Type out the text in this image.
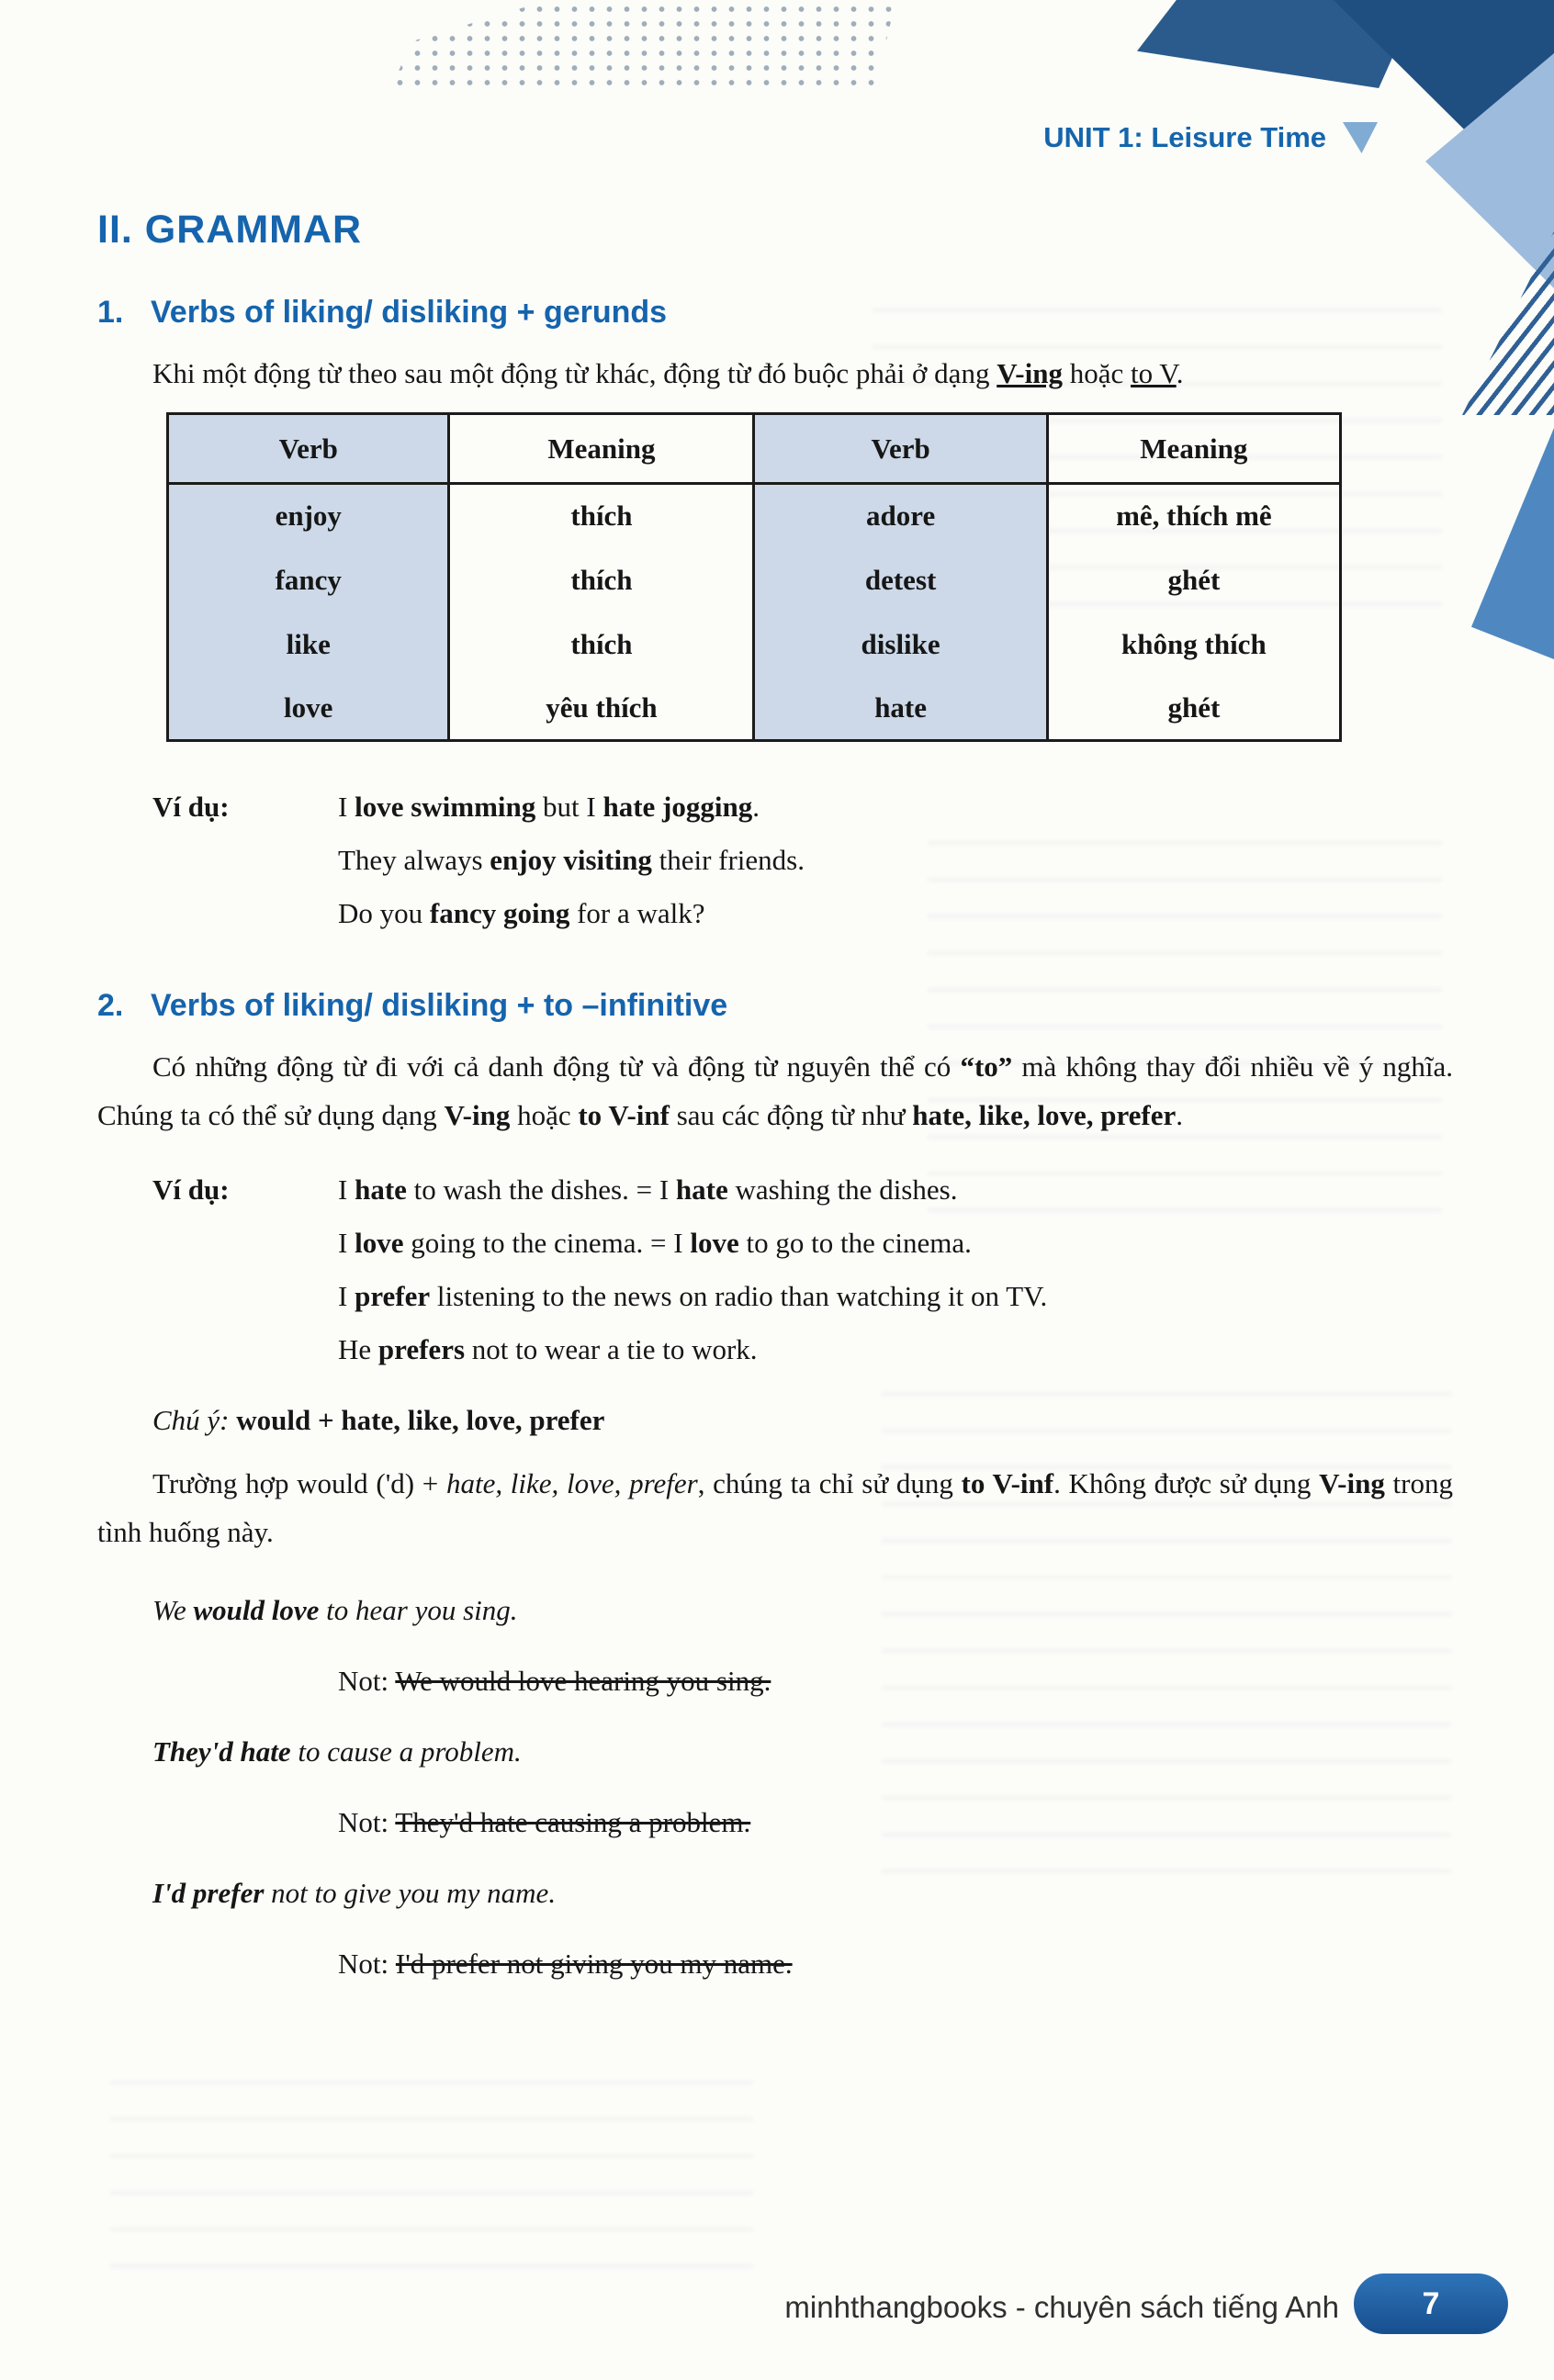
UNIT 1: Leisure Time
II. GRAMMAR
1. Verbs of liking/ disliking + gerunds

Khi một động từ theo sau một động từ khác, động từ đó buộc phải ở dạng V-ing hoặc to V.

Verb	Meaning	Verb	Meaning
enjoy	thích	adore	mê, thích mê
fancy	thích	detest	ghét
like	thích	dislike	không thích
love	yêu thích	hate	ghét
Ví dụ:	I love swimming but I hate jogging.
They always enjoy visiting their friends.
Do you fancy going for a walk?
2. Verbs of liking/ disliking + to –infinitive

Có những động từ đi với cả danh động từ và động từ nguyên thể có “to” mà không thay đổi nhiều về ý nghĩa. Chúng ta có thể sử dụng dạng V-ing hoặc to V-inf sau các động từ như hate, like, love, prefer.

Ví dụ:	I hate to wash the dishes. = I hate washing the dishes.
I love going to the cinema. = I love to go to the cinema.
I prefer listening to the news on radio than watching it on TV.
He prefers not to wear a tie to work.
Chú ý: would + hate, like, love, prefer

Trường hợp would ('d) + hate, like, love, prefer, chúng ta chỉ sử dụng to V-inf. Không được sử dụng V-ing trong tình huống này.

We would love to hear you sing.
Not: We would love hearing you sing.
They'd hate to cause a problem.
Not: They'd hate causing a problem.
I'd prefer not to give you my name.
Not: I'd prefer not giving you my name.
minhthangbooks - chuyên sách tiếng Anh	7
